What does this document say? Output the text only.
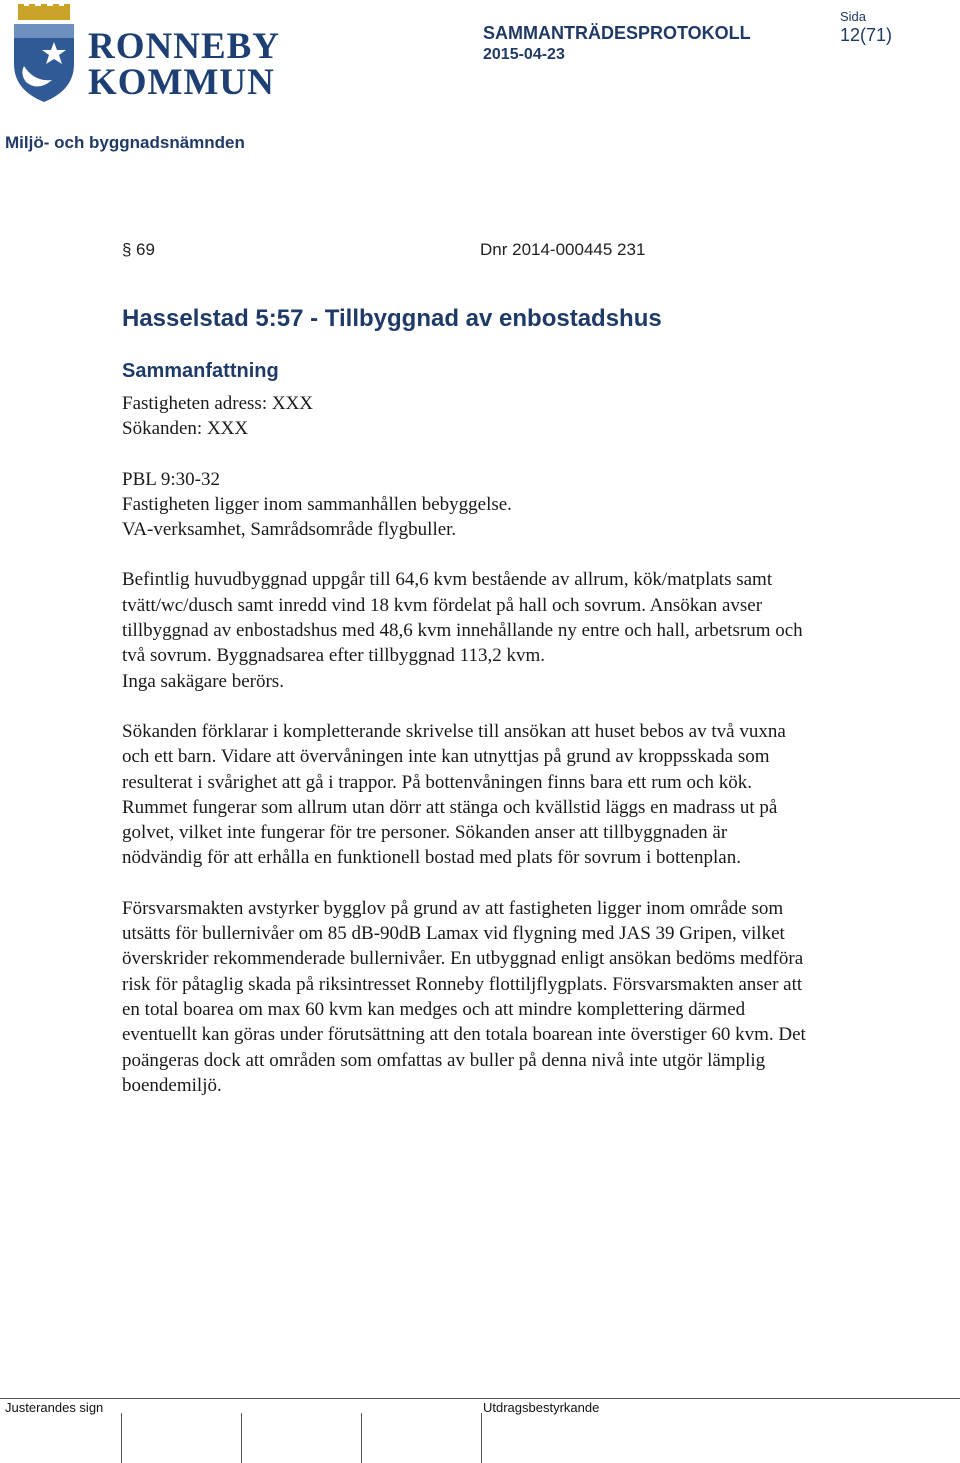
RONNEBY
KOMMUN
SAMMANTRÄDESPROTOKOLL
2015-04-23
Sida
12(71)
Miljö- och byggnadsnämnden
§ 69	Dnr 2014-000445 231
Hasselstad 5:57 - Tillbyggnad av enbostadshus
Sammanfattning

Fastigheten adress: XXX
Sökanden: XXX

PBL 9:30-32
Fastigheten ligger inom sammanhållen bebyggelse.
VA-verksamhet, Samrådsområde flygbuller.

Befintlig huvudbyggnad uppgår till 64,6 kvm bestående av allrum, kök/matplats samt tvätt/wc/dusch samt inredd vind 18 kvm fördelat på hall och sovrum. Ansökan avser tillbyggnad av enbostadshus med 48,6 kvm innehållande ny entre och hall, arbetsrum och två sovrum. Byggnadsarea efter tillbyggnad 113,2 kvm.
Inga sakägare berörs.

Sökanden förklarar i kompletterande skrivelse till ansökan att huset bebos av två vuxna och ett barn. Vidare att övervåningen inte kan utnyttjas på grund av kroppsskada som resulterat i svårighet att gå i trappor. På bottenvåningen finns bara ett rum och kök. Rummet fungerar som allrum utan dörr att stänga och kvällstid läggs en madrass ut på golvet, vilket inte fungerar för tre personer. Sökanden anser att tillbyggnaden är nödvändig för att erhålla en funktionell bostad med plats för sovrum i bottenplan.

Försvarsmakten avstyrker bygglov på grund av att fastigheten ligger inom område som utsätts för bullernivåer om 85 dB-90dB Lamax vid flygning med JAS 39 Gripen, vilket överskrider rekommenderade bullernivåer. En utbyggnad enligt ansökan bedöms medföra risk för påtaglig skada på riksintresset Ronneby flottiljflygplats. Försvarsmakten anser att en total boarea om max 60 kvm kan medges och att mindre komplettering därmed eventuellt kan göras under förutsättning att den totala boarean inte överstiger 60 kvm. Det poängeras dock att områden som omfattas av buller på denna nivå inte utgör lämplig boendemiljö.

Justerandes sign	Utdragsbestyrkande
